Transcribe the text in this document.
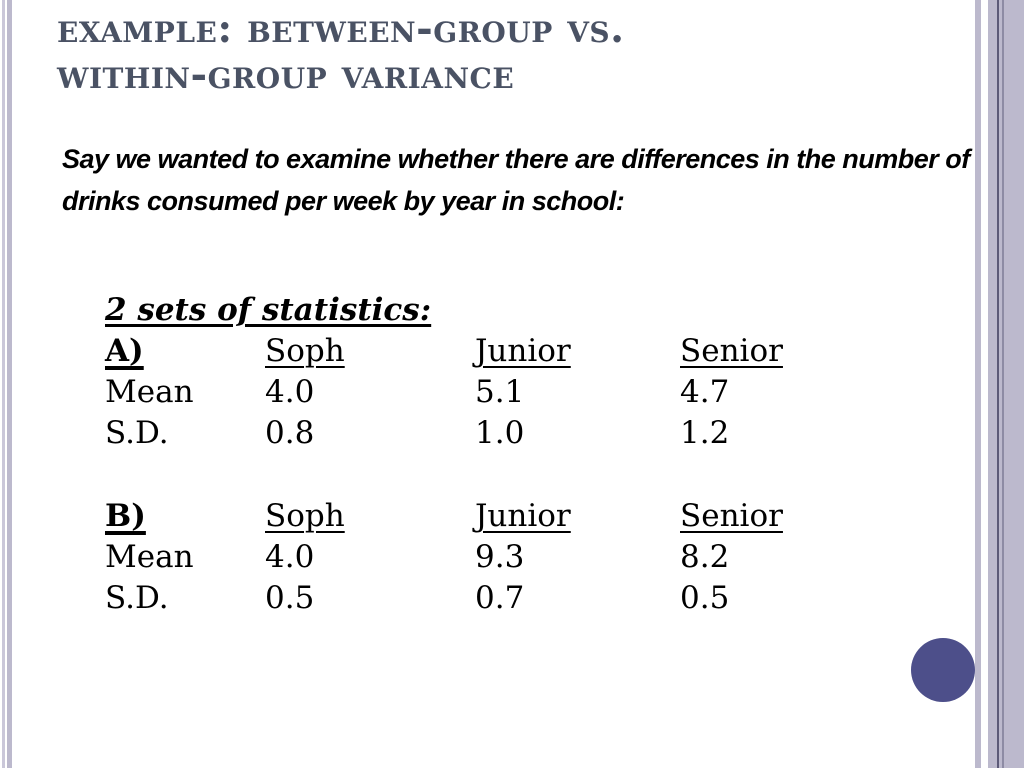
example: between-group vs.
within-group variance

Say we wanted to examine whether there are differences in the number of drinks consumed per week by year in school:

2 sets of statistics:
A)	Soph	Junior	Senior
Mean	4.0	5.1	4.7
S.D.	0.8	1.0	1.2
B)	Soph	Junior	Senior
Mean	4.0	9.3	8.2
S.D.	0.5	0.7	0.5
